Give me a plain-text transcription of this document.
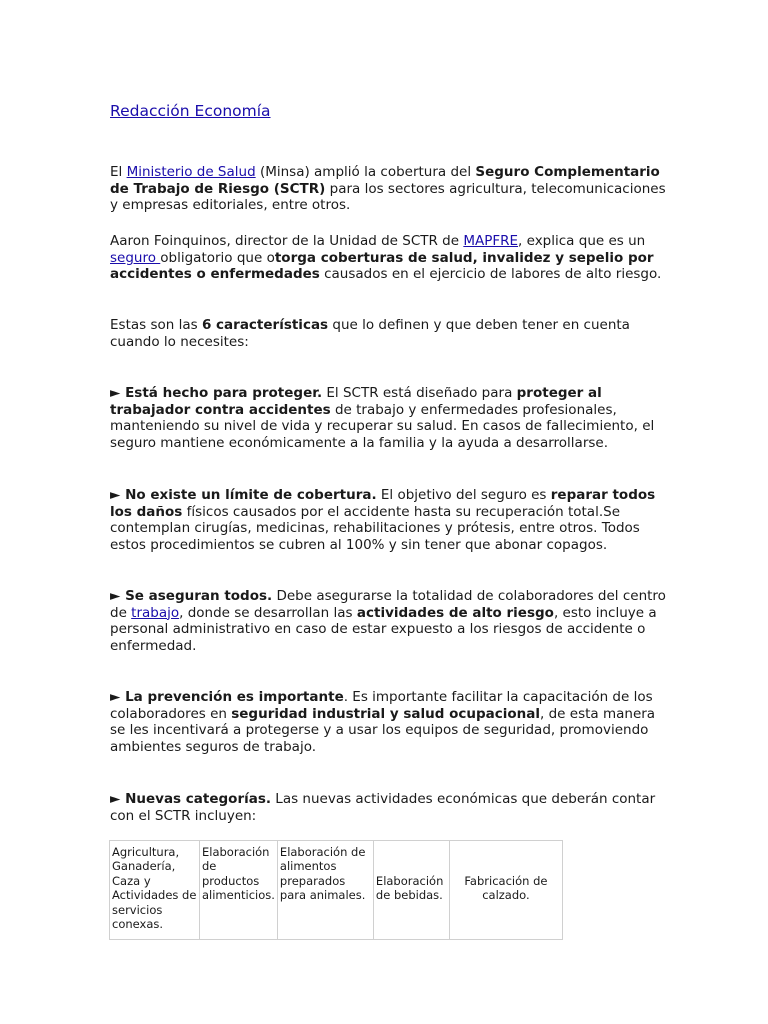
Redacción Economía

El Ministerio de Salud (Minsa) amplió la cobertura del Seguro Complementario de Trabajo de Riesgo (SCTR) para los sectores agricultura, telecomunicaciones y empresas editoriales, entre otros.

Aaron Foinquinos, director de la Unidad de SCTR de MAPFRE, explica que es un seguro obligatorio que otorga coberturas de salud, invalidez y sepelio por accidentes o enfermedades causados en el ejercicio de labores de alto riesgo.

Estas son las 6 características que lo definen y que deben tener en cuenta cuando lo necesites:

► Está hecho para proteger. El SCTR está diseñado para proteger al trabajador contra accidentes de trabajo y enfermedades profesionales, manteniendo su nivel de vida y recuperar su salud. En casos de fallecimiento, el seguro mantiene económicamente a la familia y la ayuda a desarrollarse.

► No existe un límite de cobertura. El objetivo del seguro es reparar todos los daños físicos causados por el accidente hasta su recuperación total.Se contemplan cirugías, medicinas, rehabilitaciones y prótesis, entre otros. Todos estos procedimientos se cubren al 100% y sin tener que abonar copagos.

► Se aseguran todos. Debe asegurarse la totalidad de colaboradores del centro de trabajo, donde se desarrollan las actividades de alto riesgo, esto incluye a personal administrativo en caso de estar expuesto a los riesgos de accidente o enfermedad.

► La prevención es importante. Es importante facilitar la capacitación de los colaboradores en seguridad industrial y salud ocupacional, de esta manera se les incentivará a protegerse y a usar los equipos de seguridad, promoviendo ambientes seguros de trabajo.

► Nuevas categorías. Las nuevas actividades económicas que deberán contar con el SCTR incluyen:

Agricultura, Ganadería, Caza y Actividades de servicios conexas.	Elaboración de productos alimenticios.	Elaboración de alimentos preparados para animales.	Elaboración de bebidas.	Fabricación de calzado.
